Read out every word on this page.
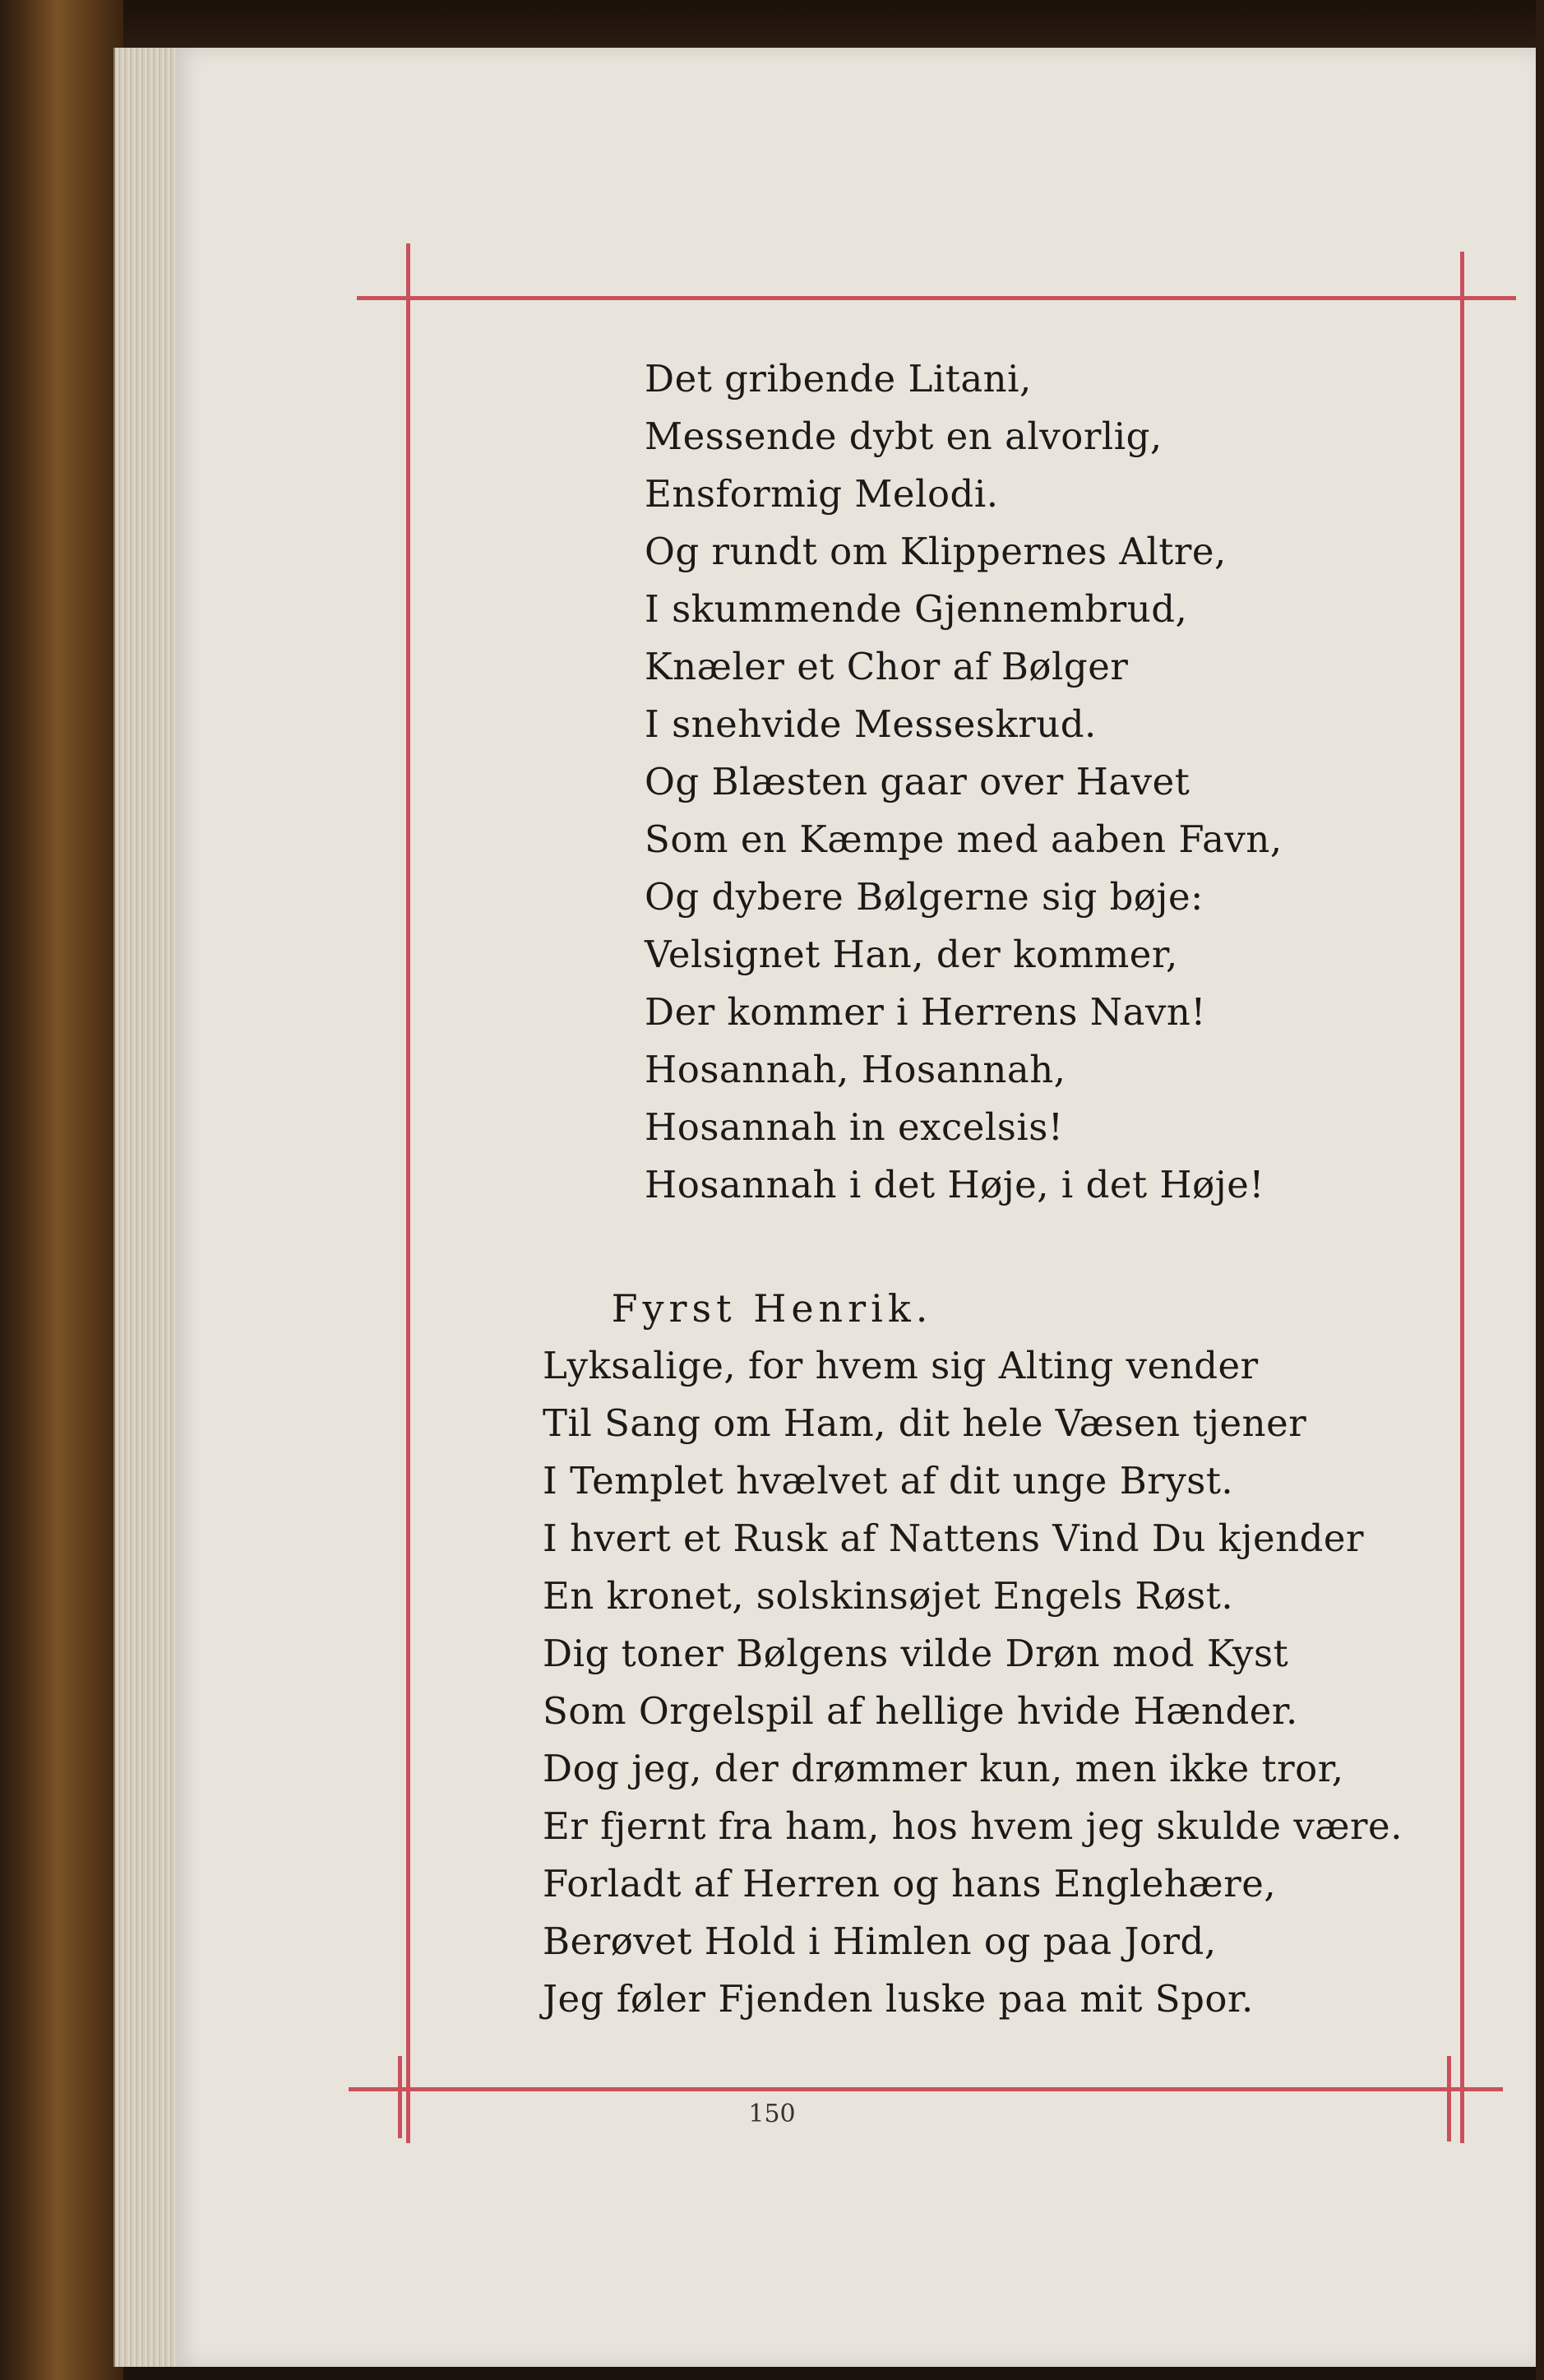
Det gribende Litani,
Messende dybt en alvorlig,
Ensformig Melodi.
Og rundt om Klippernes Altre,
I skummende Gjennembrud,
Knæler et Chor af Bølger
I snehvide Messeskrud.
Og Blæsten gaar over Havet
Som en Kæmpe med aaben Favn,
Og dybere Bølgerne sig bøje:
Velsignet Han, der kommer,
Der kommer i Herrens Navn!
Hosannah, Hosannah,
Hosannah in excelsis!
Hosannah i det Høje, i det Høje!
Fyrst Henrik.
Lyksalige, for hvem sig Alting vender
Til Sang om Ham, dit hele Væsen tjener
I Templet hvælvet af dit unge Bryst.
I hvert et Rusk af Nattens Vind Du kjender
En kronet, solskinsøjet Engels Røst.
Dig toner Bølgens vilde Drøn mod Kyst
Som Orgelspil af hellige hvide Hænder.
Dog jeg, der drømmer kun, men ikke tror,
Er fjernt fra ham, hos hvem jeg skulde være.
Forladt af Herren og hans Englehære,
Berøvet Hold i Himlen og paa Jord,
Jeg føler Fjenden luske paa mit Spor.
150
